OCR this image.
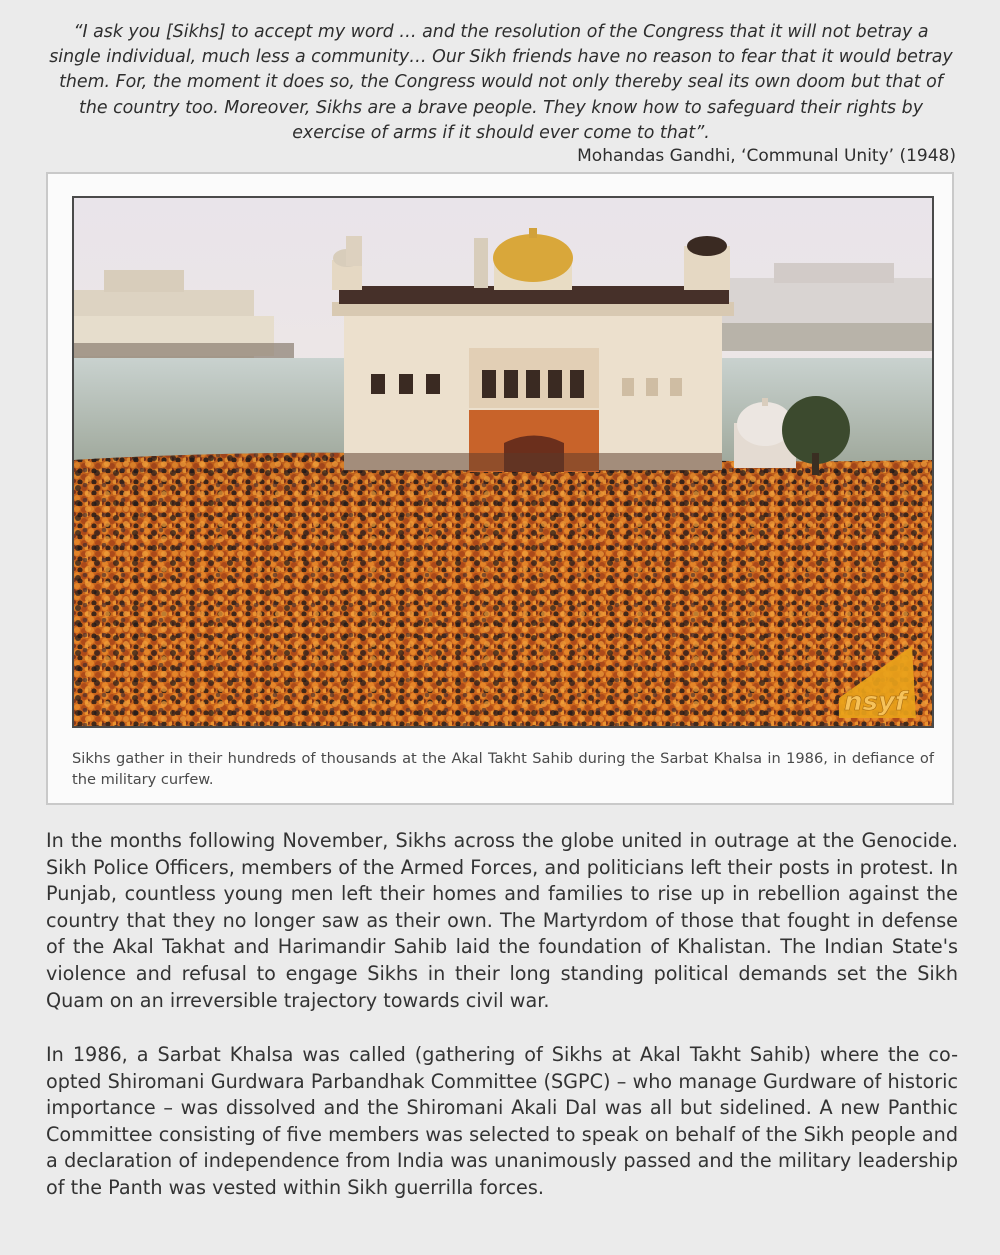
“I ask you [Sikhs] to accept my word … and the resolution of the Congress that it will not betray a single individual, much less a community… Our Sikh friends have no reason to fear that it would betray them. For, the moment it does so, the Congress would not only thereby seal its own doom but that of the country too. Moreover, Sikhs are a brave people. They know how to safeguard their rights by exercise of arms if it should ever come to that”.
Mohandas Gandhi, ‘Communal Unity’ (1948)
nsyf
Sikhs gather in their hundreds of thousands at the Akal Takht Sahib during the Sarbat Khalsa in 1986, in defiance of the military curfew.

In the months following November, Sikhs across the globe united in outrage at the Genocide. Sikh Police Officers, members of the Armed Forces, and politicians left their posts in protest. In Punjab, countless young men left their homes and families to rise up in rebellion against the country that they no longer saw as their own. The Martyrdom of those that fought in defense of the Akal Takhat and Harimandir Sahib laid the foundation of Khalistan. The Indian State's violence and refusal to engage Sikhs in their long standing political demands set the Sikh Quam on an irreversible trajectory towards civil war.

In 1986, a Sarbat Khalsa was called (gathering of Sikhs at Akal Takht Sahib) where the co-opted Shiromani Gurdwara Parbandhak Committee (SGPC) – who manage Gurdware of historic importance – was dissolved and the Shiromani Akali Dal was all but sidelined. A new Panthic Committee consisting of five members was selected to speak on behalf of the Sikh people and a declaration of independence from India was unanimously passed and the military leadership of the Panth was vested within Sikh guerrilla forces.
